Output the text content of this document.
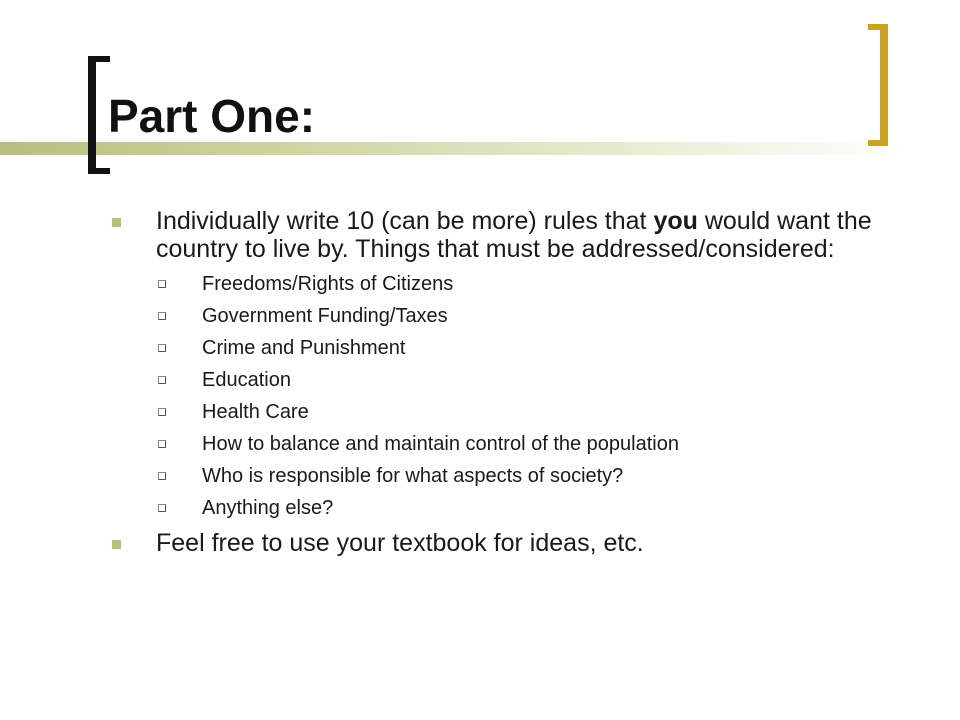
Part One:
Individually write 10 (can be more) rules that you would want the country to live by. Things that must be addressed/considered:
Freedoms/Rights of Citizens
Government Funding/Taxes
Crime and Punishment
Education
Health Care
How to balance and maintain control of the population
Who is responsible for what aspects of society?
Anything else?
Feel free to use your textbook for ideas, etc.
